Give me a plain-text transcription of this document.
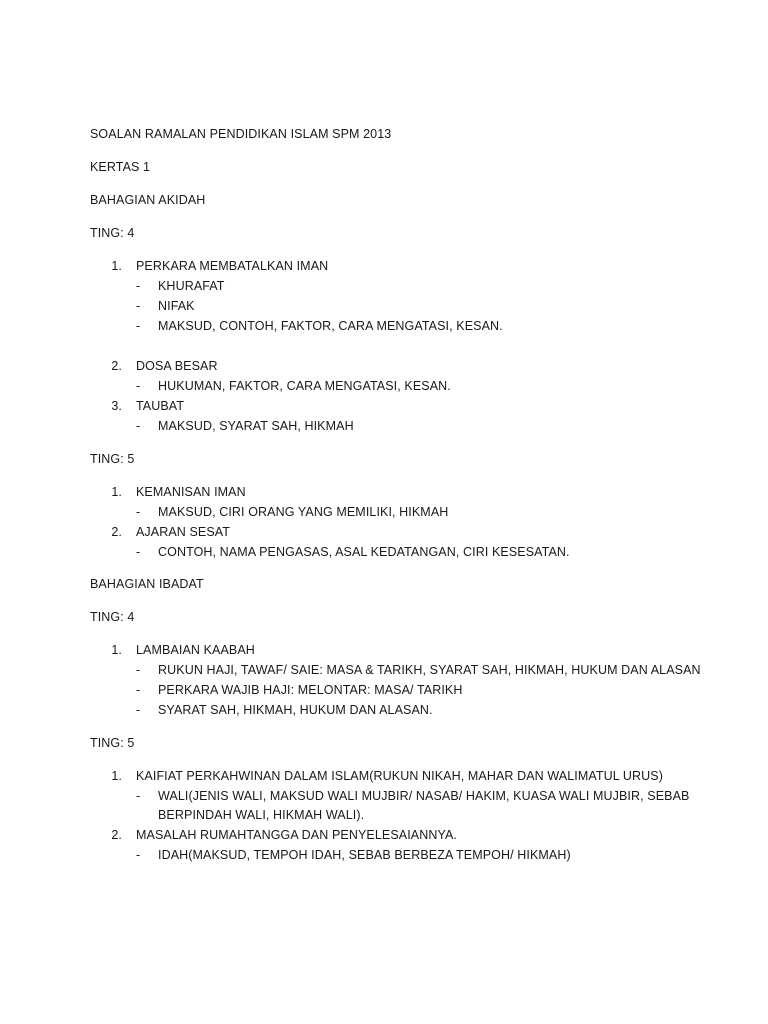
SOALAN RAMALAN PENDIDIKAN ISLAM SPM 2013
KERTAS 1
BAHAGIAN AKIDAH
TING: 4
1. PERKARA MEMBATALKAN IMAN
- KHURAFAT
- NIFAK
- MAKSUD, CONTOH, FAKTOR, CARA MENGATASI, KESAN.
2. DOSA BESAR
- HUKUMAN, FAKTOR, CARA MENGATASI, KESAN.
3. TAUBAT
- MAKSUD, SYARAT SAH, HIKMAH
TING: 5
1. KEMANISAN IMAN
- MAKSUD, CIRI ORANG YANG MEMILIKI, HIKMAH
2. AJARAN SESAT
- CONTOH, NAMA PENGASAS, ASAL KEDATANGAN, CIRI KESESATAN.
BAHAGIAN IBADAT
TING: 4
1. LAMBAIAN KAABAH
- RUKUN HAJI, TAWAF/ SAIE: MASA & TARIKH, SYARAT SAH, HIKMAH, HUKUM DAN ALASAN
- PERKARA WAJIB HAJI: MELONTAR: MASA/ TARIKH
- SYARAT SAH, HIKMAH, HUKUM DAN ALASAN.
TING: 5
1. KAIFIAT PERKAHWINAN DALAM ISLAM(RUKUN NIKAH, MAHAR DAN WALIMATUL URUS)
- WALI(JENIS WALI, MAKSUD WALI MUJBIR/ NASAB/ HAKIM, KUASA WALI MUJBIR, SEBAB
BERPINDAH WALI, HIKMAH WALI).
2. MASALAH RUMAHTANGGA DAN PENYELESAIANNYA.
- IDAH(MAKSUD, TEMPOH IDAH, SEBAB BERBEZA TEMPOH/ HIKMAH)
